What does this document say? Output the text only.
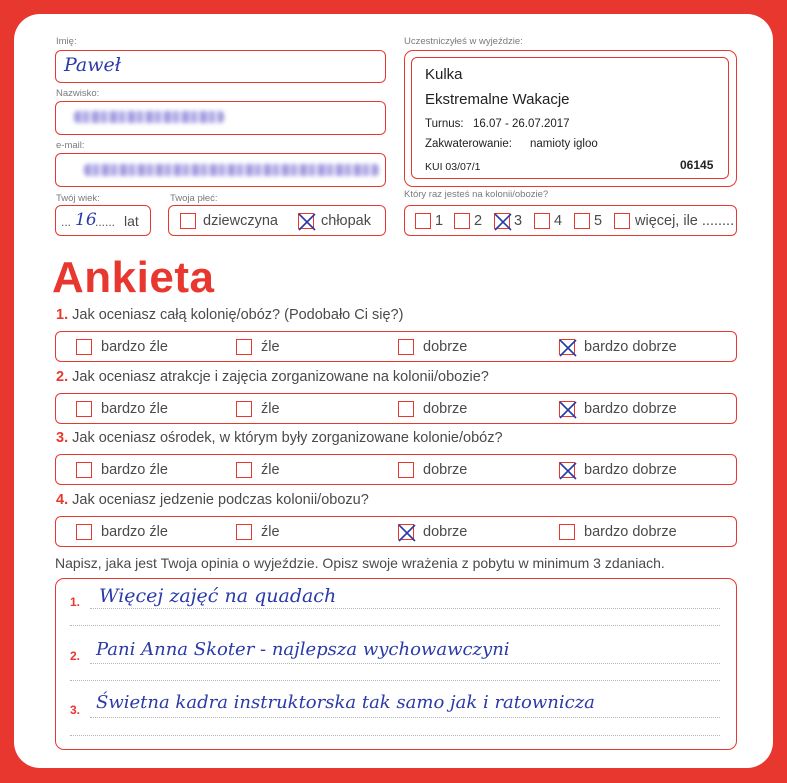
Imię:
Paweł
Nazwisko:
e-mail:
Twój wiek:
... 16
...... lat
Twoja płeć:
dziewczyna	chłopak
Uczestniczyłeś w wyjeździe:
Kulka
Ekstremalne Wakacje
Turnus: 16.07 - 26.07.2017
Zakwaterowanie: namioty igloo
KUI 03/07/1	06145
Który raz jesteś na kolonii/obozie?
1 2 3 4 5 więcej, ile ........
Ankieta
1. Jak oceniasz całą kolonię/obóz? (Podobało Ci się?)
bardzo źle	źle	dobrze	bardzo dobrze
2. Jak oceniasz atrakcje i zajęcia zorganizowane na kolonii/obozie?
bardzo źle	źle	dobrze	bardzo dobrze
3. Jak oceniasz ośrodek, w którym były zorganizowane kolonie/obóz?
bardzo źle	źle	dobrze	bardzo dobrze
4. Jak oceniasz jedzenie podczas kolonii/obozu?
bardzo źle	źle	dobrze	bardzo dobrze
Napisz, jaka jest Twoja opinia o wyjeździe. Opisz swoje wrażenia z pobytu w minimum 3 zdaniach.
1. Więcej zajęć na quadach
2. Pani Anna Skoter - najlepsza wychowawczyni
3. Świetna kadra instruktorska tak samo jak i ratownicza
